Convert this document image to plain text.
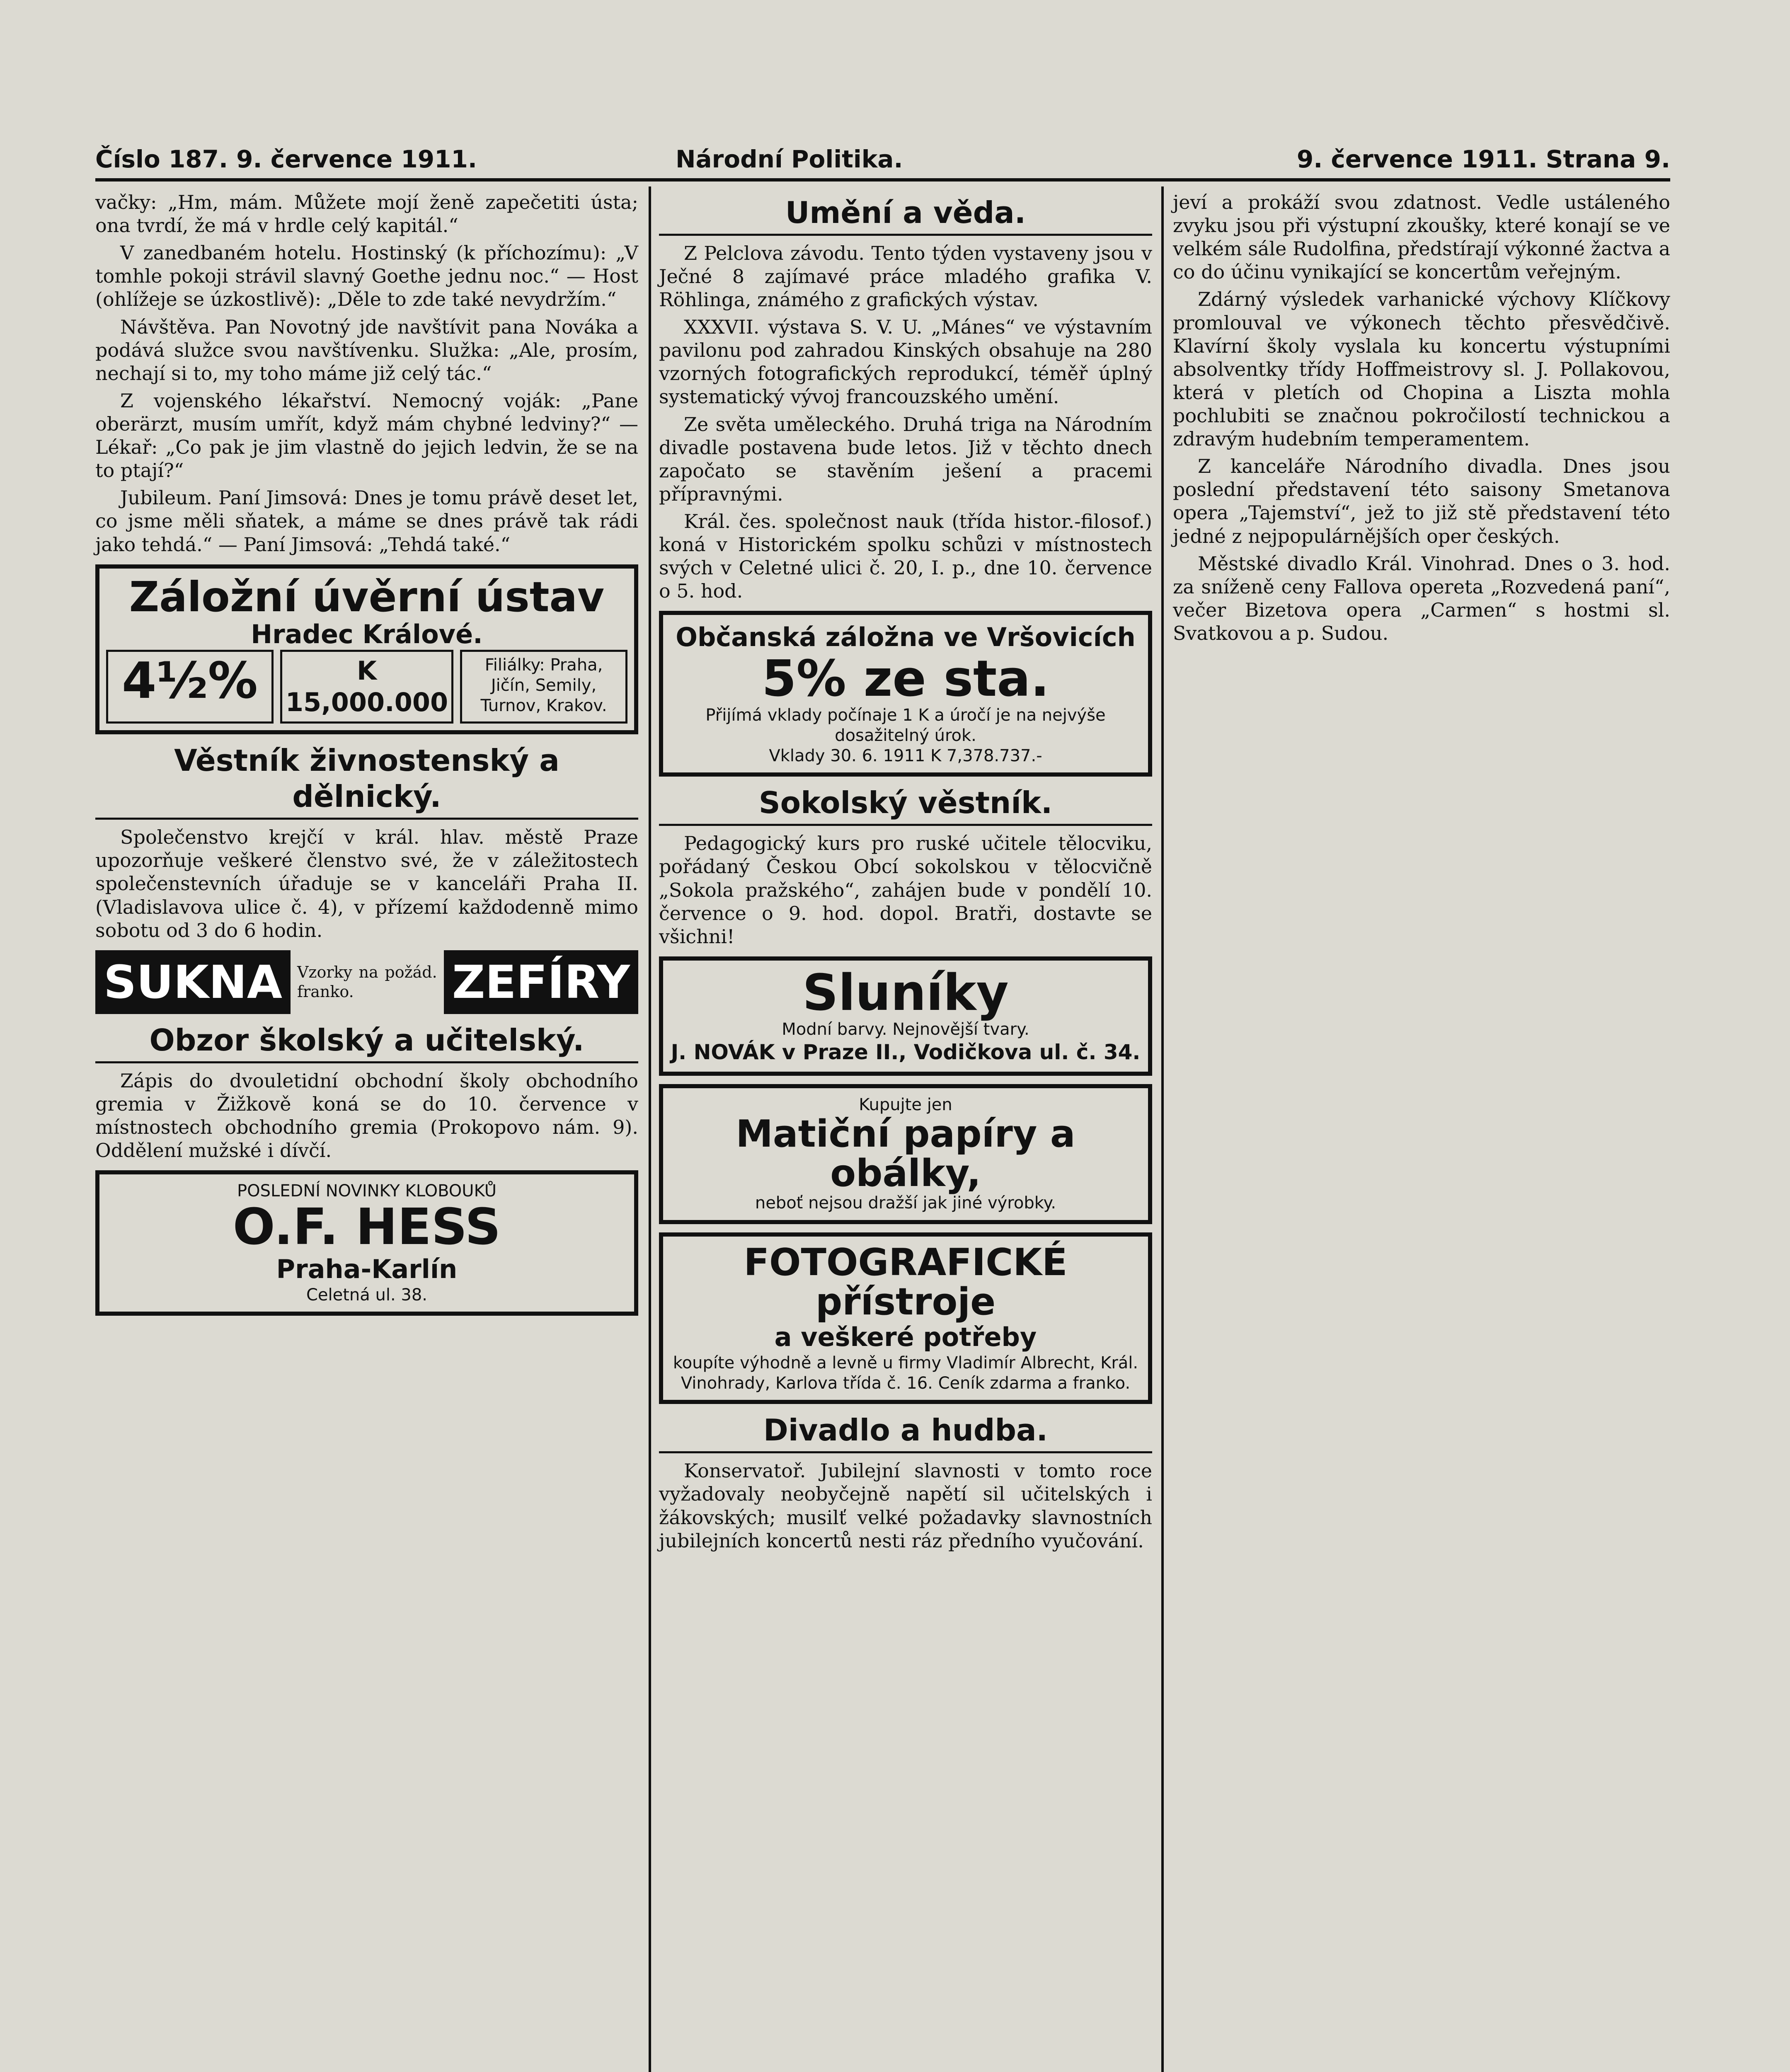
Číslo 187. 9. července 1911.	Národní Politika.	9. července 1911. Strana 9.

vačky: „Hm, mám. Můžete mojí ženě zapečetiti ústa; ona tvrdí, že má v hrdle celý kapitál.“

V zanedbaném hotelu. Hostinský (k příchozímu): „V tomhle pokoji strávil slavný Goethe jednu noc.“ — Host (ohlížeje se úzkostlivě): „Děle to zde také nevydržím.“

Návštěva. Pan Novotný jde navštívit pana Nováka a podává služce svou navštívenku. Služka: „Ale, prosím, nechají si to, my toho máme již celý tác.“

Z vojenského lékařství. Nemocný voják: „Pane oberärzt, musím umřít, když mám chybné ledviny?“ — Lékař: „Co pak je jim vlastně do jejich ledvin, že se na to ptají?“

Jubileum. Paní Jimsová: Dnes je tomu právě deset let, co jsme měli sňatek, a máme se dnes právě tak rádi jako tehdá.“ — Paní Jimsová: „Tehdá také.“

Záložní úvěrní ústav
Hradec Králové.
4½%	K 15,000.000
Filiálky: Praha, Jičín, Semily, Turnov, Krakov.
Věstník živnostenský a dělnický.

Společenstvo krejčí v král. hlav. městě Praze upozorňuje veškeré členstvo své, že v záležitostech společenstevních úřaduje se v kanceláři Praha II. (Vladislavova ulice č. 4), v přízemí každodenně mimo sobotu od 3 do 6 hodin.

SUKNA Vzorky na požád. franko.	ZEFÍRY
Obzor školský a učitelský.

Zápis do dvouletidní obchodní školy obchodního gremia v Žižkově koná se do 10. července v místnostech obchodního gremia (Prokopovo nám. 9). Oddělení mužské i dívčí.

POSLEDNÍ NOVINKY KLOBOUKŮ
O.F. HESS
Praha-Karlín
Celetná ul. 38.
Umění a věda.

Z Pelclova závodu. Tento týden vystaveny jsou v Ječné 8 zajímavé práce mladého grafika V. Röhlinga, známého z grafických výstav.

XXXVII. výstava S. V. U. „Mánes“ ve výstavním pavilonu pod zahradou Kinských obsahuje na 280 vzorných fotografických reprodukcí, téměř úplný systematický vývoj francouzského umění.

Ze světa uměleckého. Druhá triga na Národním divadle postavena bude letos. Již v těchto dnech započato se stavěním ješení a pracemi přípravnými.

Král. čes. společnost nauk (třída histor.-filosof.) koná v Historickém spolku schůzi v místnostech svých v Celetné ulici č. 20, I. p., dne 10. července o 5. hod.

Občanská záložna ve Vršovicích
5% ze sta.
Přijímá vklady počínaje 1 K a úročí je na nejvýše dosažitelný úrok.
Vklady 30. 6. 1911 K 7,378.737.-
Sokolský věstník.

Pedagogický kurs pro ruské učitele tělocviku, pořádaný Českou Obcí sokolskou v tělocvičně „Sokola pražského“, zahájen bude v pondělí 10. července o 9. hod. dopol. Bratři, dostavte se všichni!

Sluníky
Modní barvy. Nejnovější tvary.
J. NOVÁK v Praze II., Vodičkova ul. č. 34.
Kupujte jen
Matiční papíry a obálky,
neboť nejsou dražší jak jiné výrobky.
FOTOGRAFICKÉ přístroje
a veškeré potřeby
koupíte výhodně a levně u firmy Vladimír Albrecht, Král. Vinohrady, Karlova třída č. 16. Ceník zdarma a franko.
Divadlo a hudba.

Konservatoř. Jubilejní slavnosti v tomto roce vyžadovaly neobyčejně napětí sil učitelských i žákovských; musilť velké požadavky slavnostních jubilejních koncertů nesti ráz předního vyučování.

jeví a prokáží svou zdatnost. Vedle ustáleného zvyku jsou při výstupní zkoušky, které konají se ve velkém sále Rudolfina, předstírají výkonné žactva a co do účinu vynikající se koncertům veřejným.

Zdárný výsledek varhanické výchovy Klíčkovy promlouval ve výkonech těchto přesvědčivě. Klavírní školy vyslala ku koncertu výstupními absolventky třídy Hoffmeistrovy sl. J. Pollakovou, která v pletích od Chopina a Liszta mohla pochlubiti se značnou pokročilostí technickou a zdravým hudebním temperamentem.

Z kanceláře Národního divadla. Dnes jsou poslední představení této saisony Smetanova opera „Tajemství“, jež to již stě představení této jedné z nejpopulárnějších oper českých.

Městské divadlo Král. Vinohrad. Dnes o 3. hod. za sníženě ceny Fallova opereta „Rozvedená paní“, večer Bizetova opera „Carmen“ s hostmi sl. Svatkovou a p. Sudou.
